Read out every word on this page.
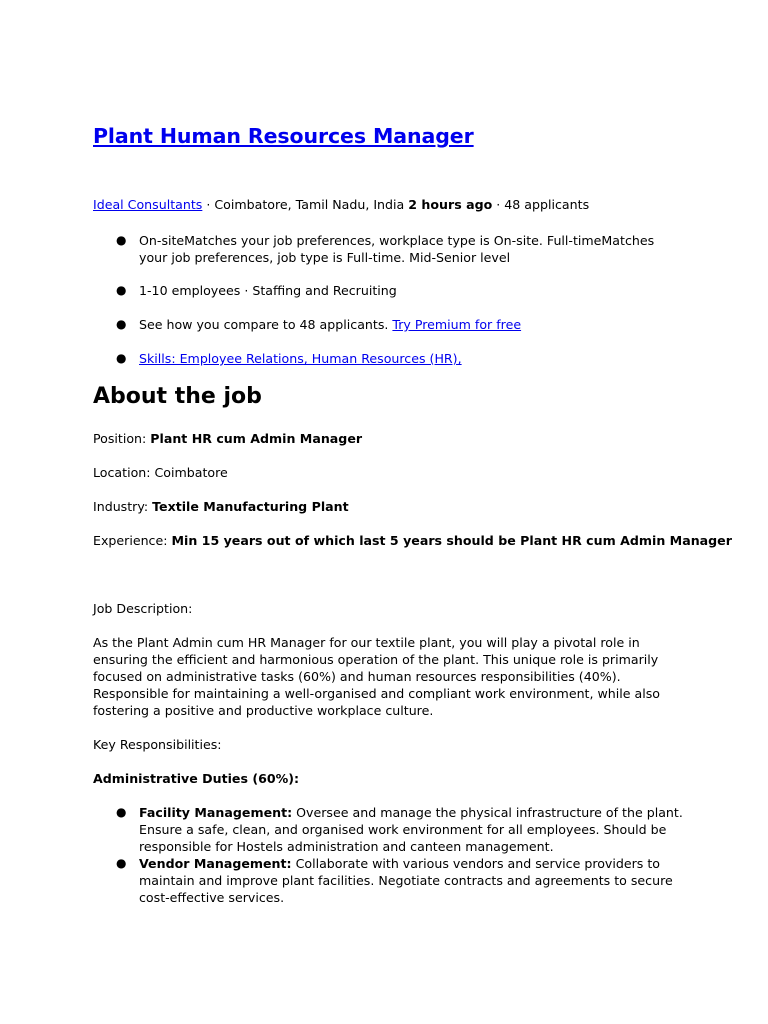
Plant Human Resources Manager
Ideal Consultants · Coimbatore, Tamil Nadu, India 2 hours ago · 48 applicants
● On-siteMatches your job preferences, workplace type is On-site. Full-timeMatches your job preferences, job type is Full-time. Mid-Senior level
● 1-10 employees · Staffing and Recruiting
● See how you compare to 48 applicants. Try Premium for free
● Skills: Employee Relations, Human Resources (HR),
About the job
Position: Plant HR cum Admin Manager
Location: Coimbatore
Industry: Textile Manufacturing Plant
Experience: Min 15 years out of which last 5 years should be Plant HR cum Admin Manager
Job Description:
As the Plant Admin cum HR Manager for our textile plant, you will play a pivotal role in ensuring the efficient and harmonious operation of the plant. This unique role is primarily focused on administrative tasks (60%) and human resources responsibilities (40%). Responsible for maintaining a well-organised and compliant work environment, while also fostering a positive and productive workplace culture.
Key Responsibilities:
Administrative Duties (60%):
● Facility Management: Oversee and manage the physical infrastructure of the plant. Ensure a safe, clean, and organised work environment for all employees. Should be responsible for Hostels administration and canteen management.
● Vendor Management: Collaborate with various vendors and service providers to maintain and improve plant facilities. Negotiate contracts and agreements to secure cost-effective services.
